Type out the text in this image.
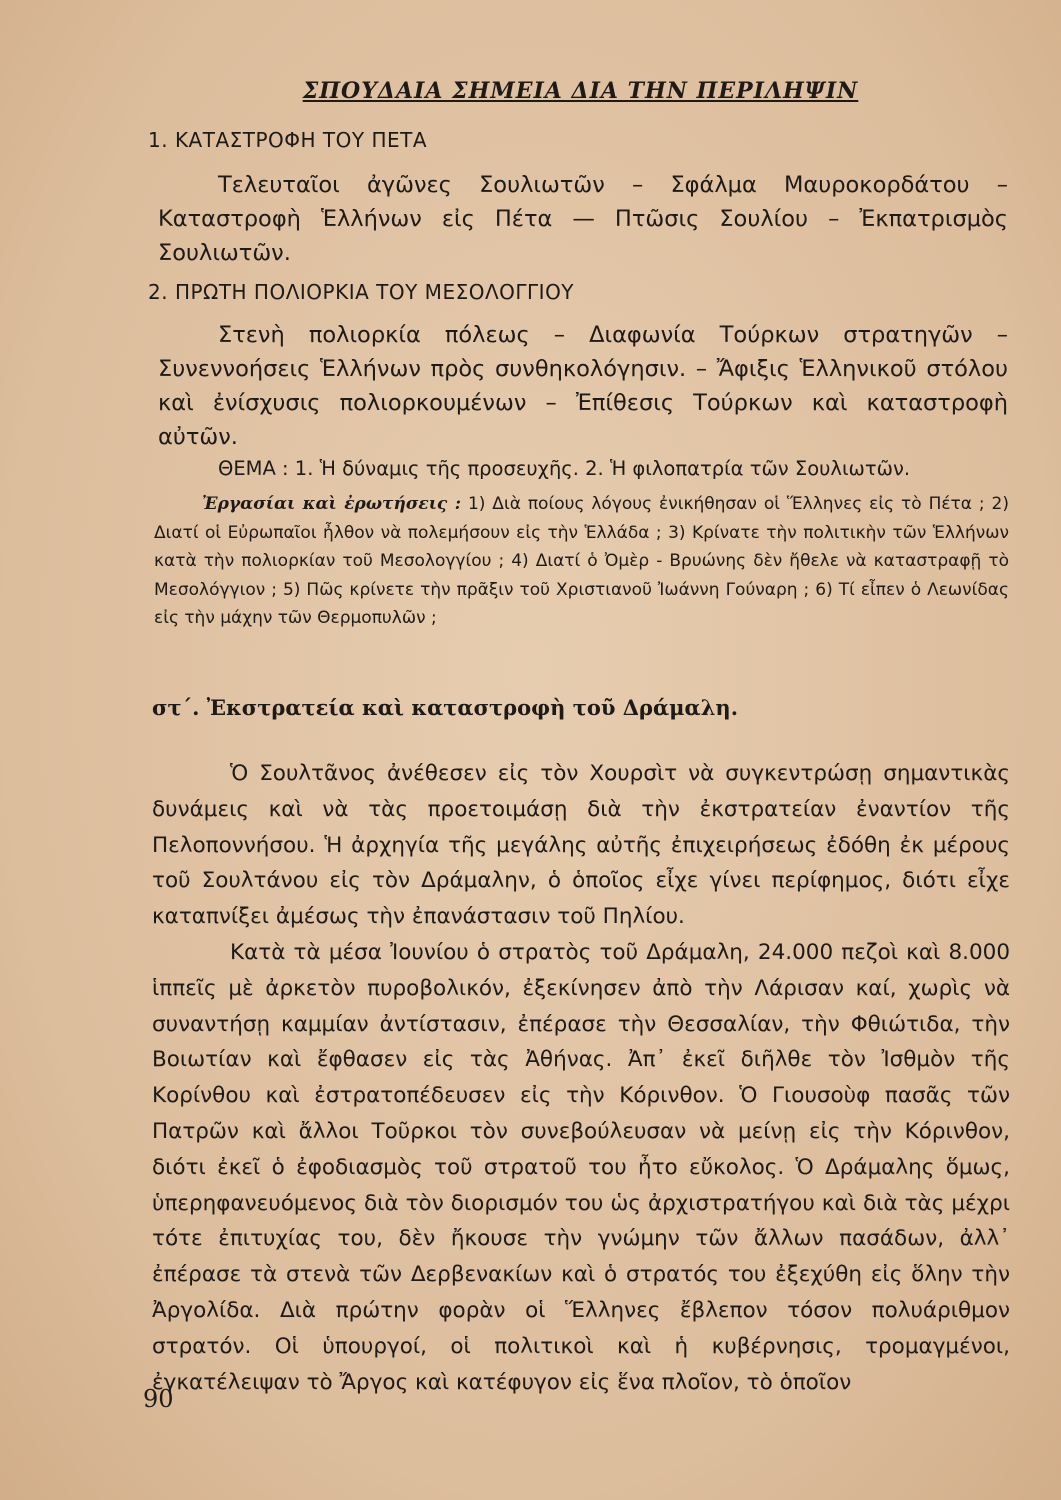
ΣΠΟΥΔΑΙΑ ΣΗΜΕΙΑ ΔΙΑ ΤΗΝ ΠΕΡΙΛΗΨΙΝ
1. ΚΑΤΑΣΤΡΟΦΗ ΤΟΥ ΠΕΤΑ
Τελευταῖοι ἀγῶνες Σουλιωτῶν – Σφάλμα Μαυροκορδάτου – Καταστροφὴ Ἑλλήνων εἰς Πέτα — Πτῶσις Σουλίου – Ἐκπατρισμὸς Σουλιωτῶν.
2. ΠΡΩΤΗ ΠΟΛΙΟΡΚΙΑ ΤΟΥ ΜΕΣΟΛΟΓΓΙΟΥ
Στενὴ πολιορκία πόλεως – Διαφωνία Τούρκων στρατηγῶν – Συνεννοήσεις Ἑλλήνων πρὸς συνθηκολόγησιν. – Ἄφιξις Ἑλληνικοῦ στόλου καὶ ἐνίσχυσις πολιορκουμένων – Ἐπίθεσις Τούρκων καὶ καταστροφὴ αὐτῶν.
ΘΕΜΑ : 1. Ἡ δύναμις τῆς προσευχῆς. 2. Ἡ φιλοπατρία τῶν Σουλιωτῶν.
Ἐργασίαι καὶ ἐρωτήσεις : 1) Διὰ ποίους λόγους ἐνικήθησαν οἱ Ἕλληνες εἰς τὸ Πέτα ; 2) Διατί οἱ Εὐρωπαῖοι ἦλθον νὰ πολεμήσουν εἰς τὴν Ἑλλάδα ; 3) Κρίνατε τὴν πολιτικὴν τῶν Ἑλλήνων κατὰ τὴν πολιορκίαν τοῦ Μεσολογγίου ; 4) Διατί ὁ Ὀμὲρ - Βρυώνης δὲν ἤθελε νὰ καταστραφῇ τὸ Μεσολόγγιον ; 5) Πῶς κρίνετε τὴν πρᾶξιν τοῦ Χριστιανοῦ Ἰωάννη Γούναρη ; 6) Τί εἶπεν ὁ Λεωνίδας εἰς τὴν μάχην τῶν Θερμοπυλῶν ;
στ΄. Ἐκστρατεία καὶ καταστροφὴ τοῦ Δράμαλη.

Ὁ Σουλτᾶνος ἀνέθεσεν εἰς τὸν Χουρσὶτ νὰ συγκεντρώσῃ σημαντικὰς δυνάμεις καὶ νὰ τὰς προετοιμάσῃ διὰ τὴν ἐκστρατείαν ἐναντίον τῆς Πελοποννήσου. Ἡ ἀρχηγία τῆς μεγάλης αὐτῆς ἐπιχειρήσεως ἐδόθη ἐκ μέρους τοῦ Σουλτάνου εἰς τὸν Δράμαλην, ὁ ὁποῖος εἶχε γίνει περίφημος, διότι εἶχε καταπνίξει ἀμέσως τὴν ἐπανάστασιν τοῦ Πηλίου.

Κατὰ τὰ μέσα Ἰουνίου ὁ στρατὸς τοῦ Δράμαλη, 24.000 πεζοὶ καὶ 8.000 ἱππεῖς μὲ ἀρκετὸν πυροβολικόν, ἐξεκίνησεν ἀπὸ τὴν Λάρισαν καί, χωρὶς νὰ συναντήσῃ καμμίαν ἀντίστασιν, ἐπέρασε τὴν Θεσσαλίαν, τὴν Φθιώτιδα, τὴν Βοιωτίαν καὶ ἔφθασεν εἰς τὰς Ἀθήνας. Ἀπ᾽ ἐκεῖ διῆλθε τὸν Ἰσθμὸν τῆς Κορίνθου καὶ ἐστρατοπέδευσεν εἰς τὴν Κόρινθον. Ὁ Γιουσοὺφ πασᾶς τῶν Πατρῶν καὶ ἄλλοι Τοῦρκοι τὸν συνεβούλευσαν νὰ μείνῃ εἰς τὴν Κόρινθον, διότι ἐκεῖ ὁ ἐφοδιασμὸς τοῦ στρατοῦ του ἦτο εὔκολος. Ὁ Δράμαλης ὅμως, ὑπερηφανευόμενος διὰ τὸν διορισμόν του ὡς ἀρχιστρατήγου καὶ διὰ τὰς μέχρι τότε ἐπιτυχίας του, δὲν ἤκουσε τὴν γνώμην τῶν ἄλλων πασάδων, ἀλλ᾽ ἐπέρασε τὰ στενὰ τῶν Δερβενακίων καὶ ὁ στρατός του ἐξεχύθη εἰς ὅλην τὴν Ἀργολίδα. Διὰ πρώτην φορὰν οἱ Ἕλληνες ἔβλεπον τόσον πολυάριθμον στρατόν. Οἱ ὑπουργοί, οἱ πολιτικοὶ καὶ ἡ κυβέρνησις, τρομαγμένοι, ἐγκατέλειψαν τὸ Ἄργος καὶ κατέφυγον εἰς ἕνα πλοῖον, τὸ ὁποῖον

90
